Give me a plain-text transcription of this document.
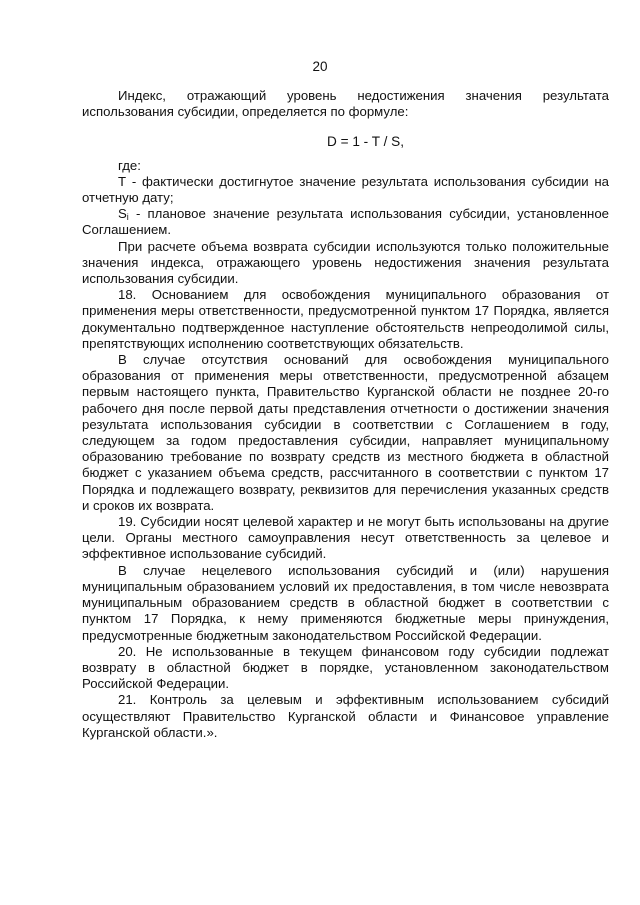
20

Индекс, отражающий уровень недостижения значения результата использования субсидии, определяется по формуле:

D = 1 - T / S,

где:

Т - фактически достигнутое значение результата использования субсидии на отчетную дату;

$S_i$ - плановое значение результата использования субсидии, установленное Соглашением.

При расчете объема возврата субсидии используются только положительные значения индекса, отражающего уровень недостижения значения результата использования субсидии.

18. Основанием для освобождения муниципального образования от применения меры ответственности, предусмотренной пунктом 17 Порядка, является документально подтвержденное наступление обстоятельств непреодолимой силы, препятствующих исполнению соответствующих обязательств.

В случае отсутствия оснований для освобождения муниципального образования от применения меры ответственности, предусмотренной абзацем первым настоящего пункта, Правительство Курганской области не позднее 20-го рабочего дня после первой даты представления отчетности о достижении значения результата использования субсидии в соответствии с Соглашением в году, следующем за годом предоставления субсидии, направляет муниципальному образованию требование по возврату средств из местного бюджета в областной бюджет с указанием объема средств, рассчитанного в соответствии с пунктом 17 Порядка и подлежащего возврату, реквизитов для перечисления указанных средств и сроков их возврата.

19. Субсидии носят целевой характер и не могут быть использованы на другие цели. Органы местного самоуправления несут ответственность за целевое и эффективное использование субсидий.

В случае нецелевого использования субсидий и (или) нарушения муниципальным образованием условий их предоставления, в том числе невозврата муниципальным образованием средств в областной бюджет в соответствии с пунктом 17 Порядка, к нему применяются бюджетные меры принуждения, предусмотренные бюджетным законодательством Российской Федерации.

20. Не использованные в текущем финансовом году субсидии подлежат возврату в областной бюджет в порядке, установленном законодательством Российской Федерации.

21. Контроль за целевым и эффективным использованием субсидий осуществляют Правительство Курганской области и Финансовое управление Курганской области.».
